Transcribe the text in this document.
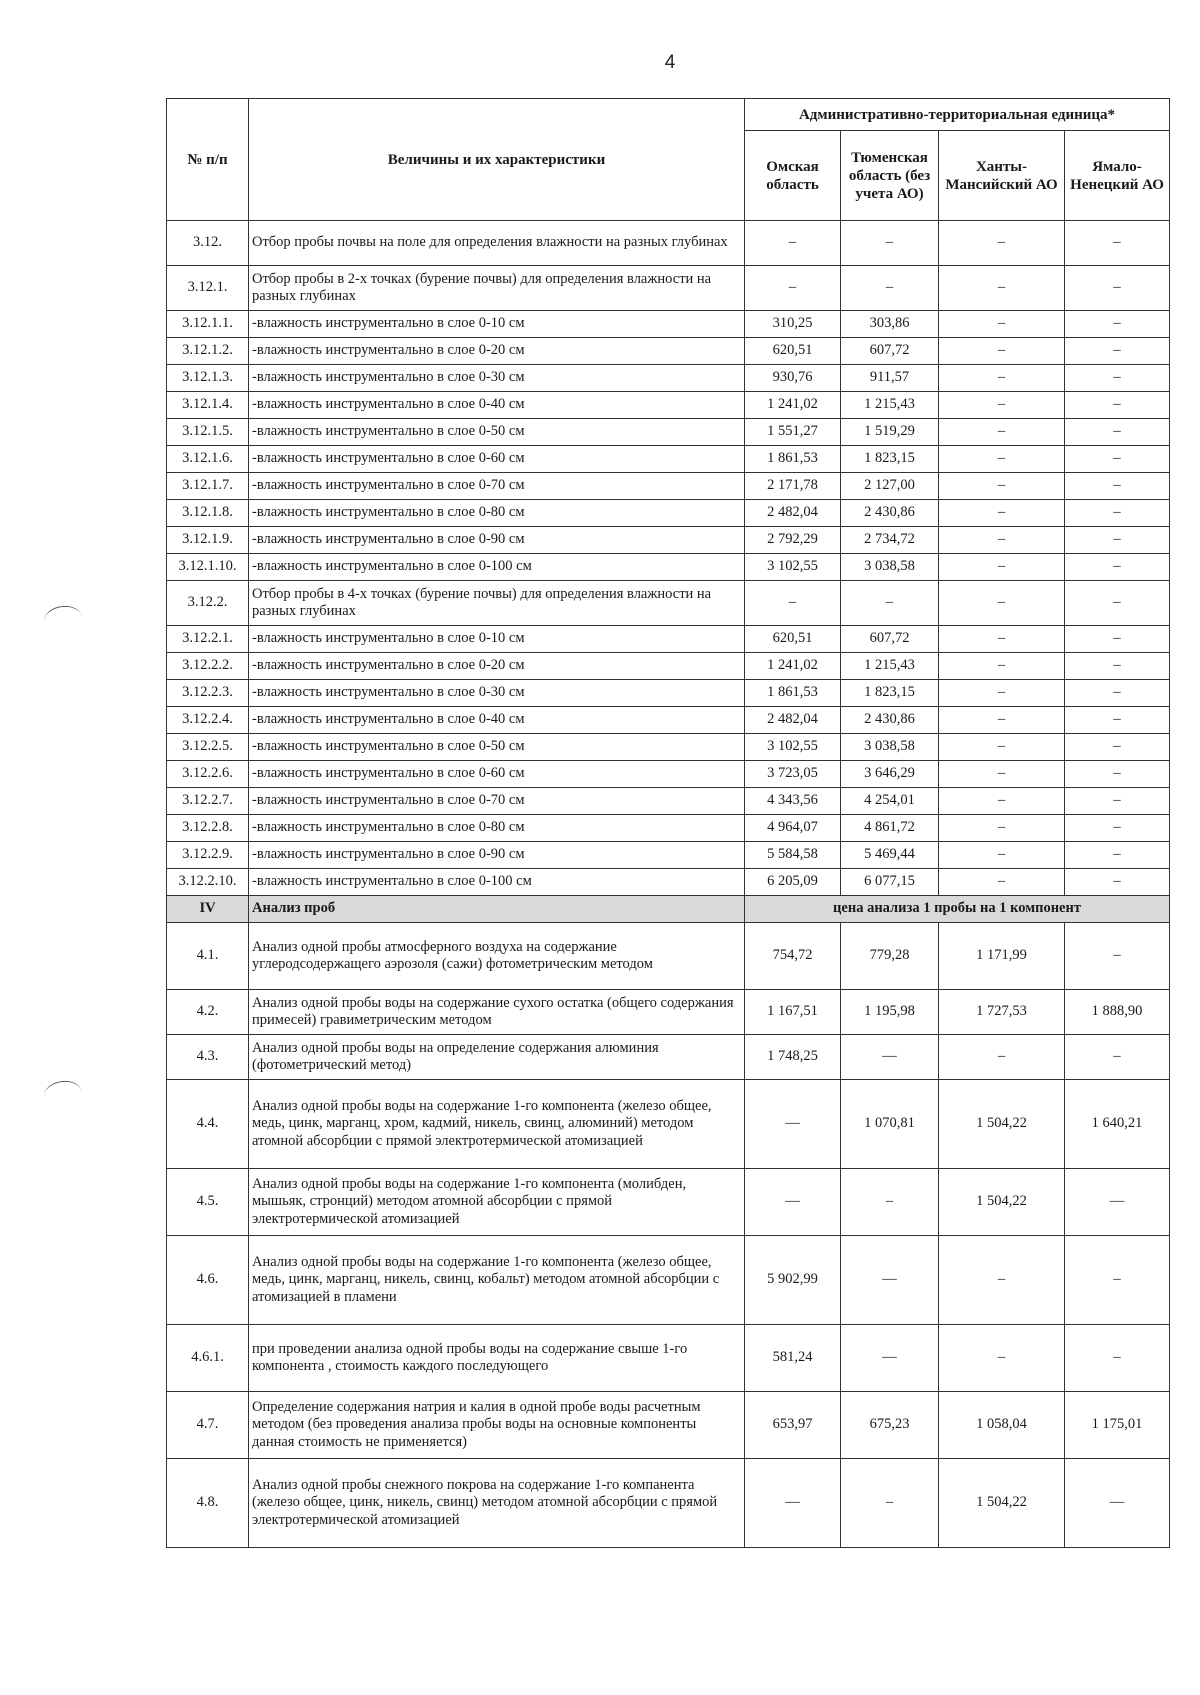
4
№ п/п	Величины и их характеристики	Административно-территориальная единица*			
		Омская область	Тюменская область (без учета АО)	Ханты-Мансийский АО	Ямало-Ненецкий АО
3.12.	Отбор пробы почвы на поле для определения влажности на разных глубинах	–	–	–	–
3.12.1.	Отбор пробы в 2-х точках (бурение почвы) для определения влажности на разных глубинах	–	–	–	–
3.12.1.1.	-влажность инструментально в слое 0-10 см	310,25	303,86	–	–
3.12.1.2.	-влажность инструментально в слое 0-20 см	620,51	607,72	–	–
3.12.1.3.	-влажность инструментально в слое 0-30 см	930,76	911,57	–	–
3.12.1.4.	-влажность инструментально в слое 0-40 см	1 241,02	1 215,43	–	–
3.12.1.5.	-влажность инструментально в слое 0-50 см	1 551,27	1 519,29	–	–
3.12.1.6.	-влажность инструментально в слое 0-60 см	1 861,53	1 823,15	–	–
3.12.1.7.	-влажность инструментально в слое 0-70 см	2 171,78	2 127,00	–	–
3.12.1.8.	-влажность инструментально в слое 0-80 см	2 482,04	2 430,86	–	–
3.12.1.9.	-влажность инструментально в слое 0-90 см	2 792,29	2 734,72	–	–
3.12.1.10.	-влажность инструментально в слое 0-100 см	3 102,55	3 038,58	–	–
3.12.2.	Отбор пробы в 4-х точках (бурение почвы) для определения влажности на разных глубинах	–	–	–	–
3.12.2.1.	-влажность инструментально в слое 0-10 см	620,51	607,72	–	–
3.12.2.2.	-влажность инструментально в слое 0-20 см	1 241,02	1 215,43	–	–
3.12.2.3.	-влажность инструментально в слое 0-30 см	1 861,53	1 823,15	–	–
3.12.2.4.	-влажность инструментально в слое 0-40 см	2 482,04	2 430,86	–	–
3.12.2.5.	-влажность инструментально в слое 0-50 см	3 102,55	3 038,58	–	–
3.12.2.6.	-влажность инструментально в слое 0-60 см	3 723,05	3 646,29	–	–
3.12.2.7.	-влажность инструментально в слое 0-70 см	4 343,56	4 254,01	–	–
3.12.2.8.	-влажность инструментально в слое 0-80 см	4 964,07	4 861,72	–	–
3.12.2.9.	-влажность инструментально в слое 0-90 см	5 584,58	5 469,44	–	–
3.12.2.10.	-влажность инструментально в слое 0-100 см	6 205,09	6 077,15	–	–
IV	Анализ проб	цена анализа 1 пробы на 1 компонент			
4.1.	Анализ одной пробы атмосферного воздуха на содержание углеродсодержащего аэрозоля (сажи) фотометрическим методом	754,72	779,28	1 171,99	–
4.2.	Анализ одной пробы воды на содержание сухого остатка (общего содержания примесей) гравиметрическим методом	1 167,51	1 195,98	1 727,53	1 888,90
4.3.	Анализ одной пробы воды на определение содержания алюминия (фотометрический метод)	1 748,25	—	–	–
4.4.	Анализ одной пробы воды на содержание 1-го компонента (железо общее, медь, цинк, марганц, хром, кадмий, никель, свинц, алюминий) методом атомной абсорбции с прямой электротермической атомизацией	—	1 070,81	1 504,22	1 640,21
4.5.	Анализ одной пробы воды на содержание 1-го компонента (молибден, мышьяк, стронций) методом атомной абсорбции с прямой электротермической атомизацией	—	–	1 504,22	—
4.6.	Анализ одной пробы воды на содержание 1-го компонента (железо общее, медь, цинк, марганц, никель, свинц, кобальт) методом атомной абсорбции с атомизацией в пламени	5 902,99	—	–	–
4.6.1.	при проведении анализа одной пробы воды на содержание свыше 1-го компонента , стоимость каждого последующего	581,24	—	–	–
4.7.	Определение содержания натрия и калия в одной пробе воды расчетным методом (без проведения анализа пробы воды на основные компоненты данная стоимость не применяется)	653,97	675,23	1 058,04	1 175,01
4.8.	Анализ одной пробы снежного покрова на содержание 1-го компанента (железо общее, цинк, никель, свинц) методом атомной абсорбции с прямой электротермической атомизацией	—	–	1 504,22	—
